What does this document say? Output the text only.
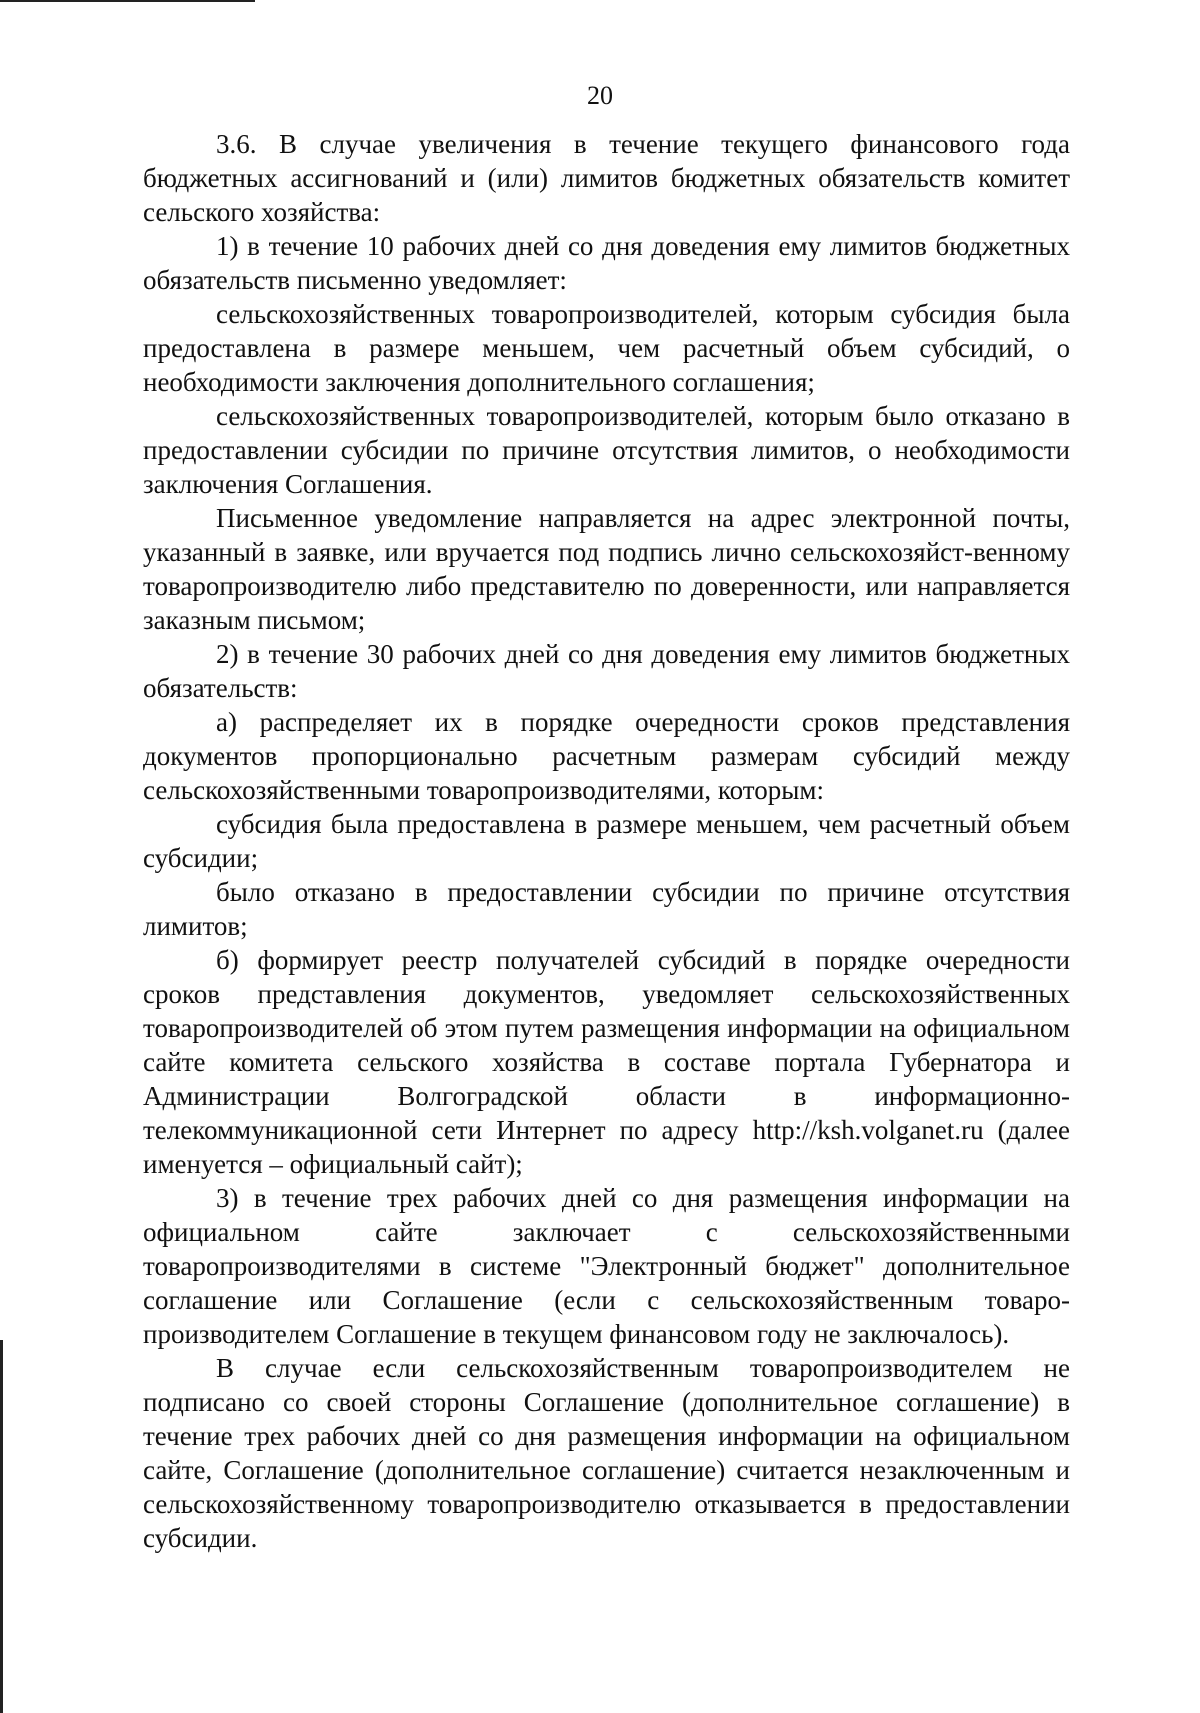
20

3.6. В случае увеличения в течение текущего финансового года бюджетных ассигнований и (или) лимитов бюджетных обязательств комитет сельского хозяйства:

1) в течение 10 рабочих дней со дня доведения ему лимитов бюджетных обязательств письменно уведомляет:

сельскохозяйственных товаропроизводителей, которым субсидия была предоставлена в размере меньшем, чем расчетный объем субсидий, о необходимости заключения дополнительного соглашения;

сельскохозяйственных товаропроизводителей, которым было отказано в предоставлении субсидии по причине отсутствия лимитов, о необходимости заключения Соглашения.

Письменное уведомление направляется на адрес электронной почты, указанный в заявке, или вручается под подпись лично сельскохозяйст-венному товаропроизводителю либо представителю по доверенности, или направляется заказным письмом;

2) в течение 30 рабочих дней со дня доведения ему лимитов бюджетных обязательств:

а) распределяет их в порядке очередности сроков представления документов пропорционально расчетным размерам субсидий между сельскохозяйственными товаропроизводителями, которым:

субсидия была предоставлена в размере меньшем, чем расчетный объем субсидии;

было отказано в предоставлении субсидии по причине отсутствия лимитов;

б) формирует реестр получателей субсидий в порядке очередности сроков представления документов, уведомляет сельскохозяйственных товаропроизводителей об этом путем размещения информации на официальном сайте комитета сельского хозяйства в составе портала Губернатора и Администрации Волгоградской области в информационно-телекоммуникационной сети Интернет по адресу http://ksh.volganet.ru (далее именуется – официальный сайт);

3) в течение трех рабочих дней со дня размещения информации на официальном сайте заключает с сельскохозяйственными товаропроизводителями в системе "Электронный бюджет" дополнительное соглашение или Соглашение (если с сельскохозяйственным товаро-производителем Соглашение в текущем финансовом году не заключалось).

В случае если сельскохозяйственным товаропроизводителем не подписано со своей стороны Соглашение (дополнительное соглашение) в течение трех рабочих дней со дня размещения информации на официальном сайте, Соглашение (дополнительное соглашение) считается незаключенным и сельскохозяйственному товаропроизводителю отказывается в предоставлении субсидии.
